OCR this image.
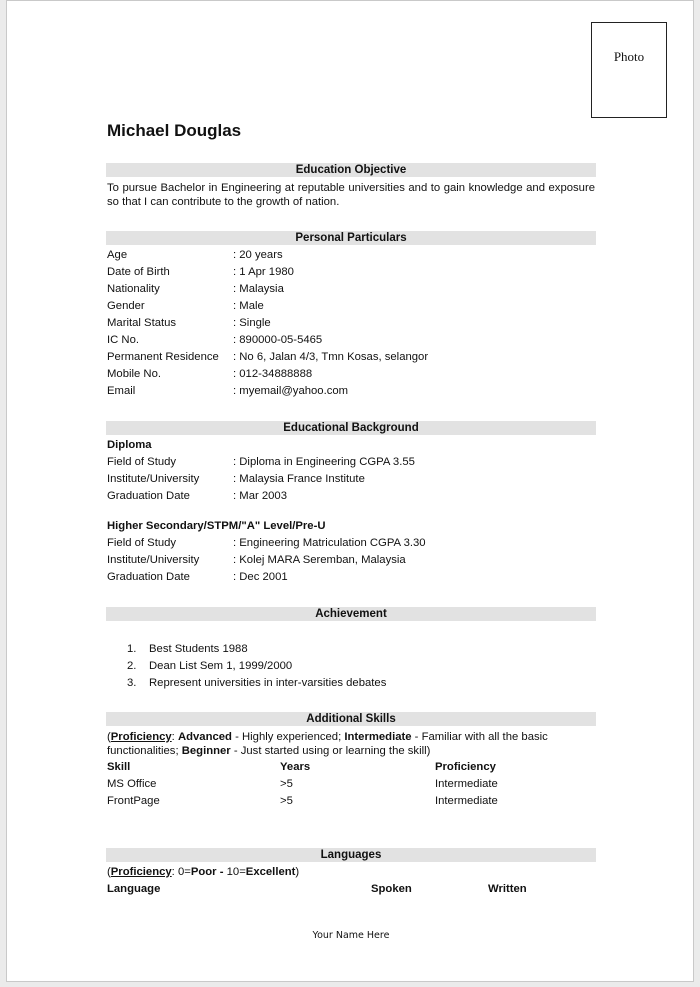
Photo
Michael Douglas
Education Objective
To pursue Bachelor in Engineering at reputable universities and to gain knowledge and exposure so that I can contribute to the growth of nation.
Personal Particulars
Age	: 20 years
Date of Birth	: 1 Apr 1980
Nationality	: Malaysia
Gender	: Male
Marital Status	: Single
IC No.	: 890000-05-5465
Permanent Residence : No 6, Jalan 4/3, Tmn Kosas, selangor
Mobile No.	: 012-34888888
Email	: myemail@yahoo.com
Educational Background
Diploma
Field of Study	: Diploma in Engineering CGPA 3.55
Institute/University	: Malaysia France Institute
Graduation Date	: Mar 2003
Higher Secondary/STPM/"A" Level/Pre-U
Field of Study	: Engineering Matriculation CGPA 3.30
Institute/University	: Kolej MARA Seremban, Malaysia
Graduation Date	: Dec 2001
Achievement
1. Best Students 1988
2. Dean List Sem 1, 1999/2000
3. Represent universities in inter-varsities debates
Additional Skills
(Proficiency: Advanced - Highly experienced; Intermediate - Familiar with all the basic
functionalities; Beginner - Just started using or learning the skill)
Skill	Years	Proficiency
MS Office	>5	Intermediate
FrontPage	>5	Intermediate
Languages
(Proficiency: 0=Poor - 10=Excellent)
Language	Spoken	Written
Your Name Here
